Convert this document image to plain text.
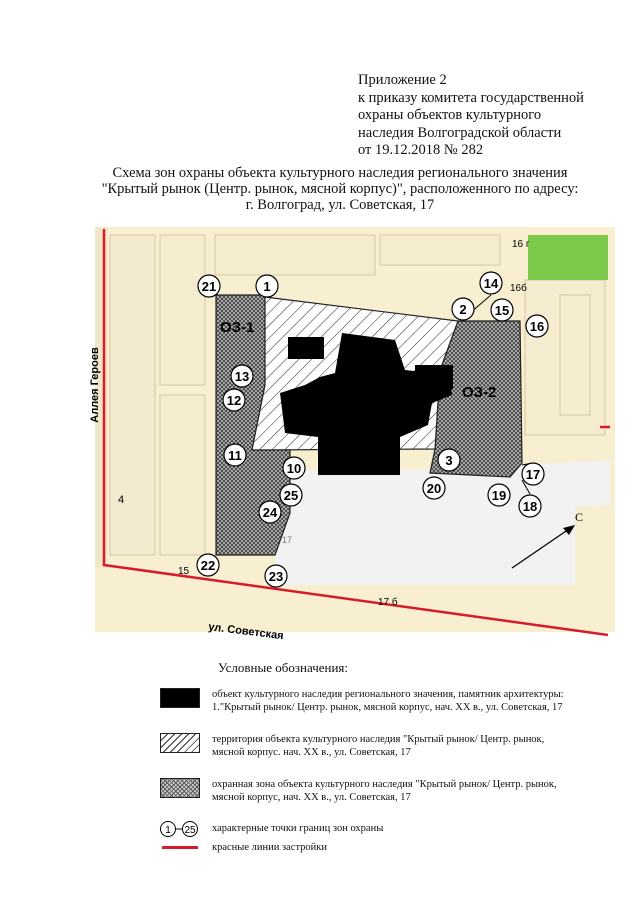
Приложение 2
к приказу комитета государственной
охраны объектов культурного
наследия Волгоградской области
от 19.12.2018 № 282
Схема зон охраны объекта культурного наследия регионального значения
"Крытый рынок (Центр. рынок, мясной корпус)", расположенного по адресу:
г. Волгоград, ул. Советская, 17
ОЗ-1
ОЗ-2
16 г
16б
4
15
17 б
17
ул. Советская
Аллея Героев
С
1
2
3
10
11
12
13
14
15
16
17
18
19
20
21
22
23
24
25
Условные обозначения:
объект культурного наследия регионального значения, памятник архитектуры:
1."Крытый рынок/ Центр. рынок, мясной корпус, нач. XX в., ул. Советская, 17
территория объекта культурного наследия "Крытый рынок/ Центр. рынок,
мясной корпус. нач. XX в., ул. Советская, 17
охранная зона объекта культурного наследия "Крытый рынок/ Центр. рынок,
мясной корпус, нач. XX в., ул. Советская, 17
1 25 характерные точки границ зон охраны
красные линии застройки
